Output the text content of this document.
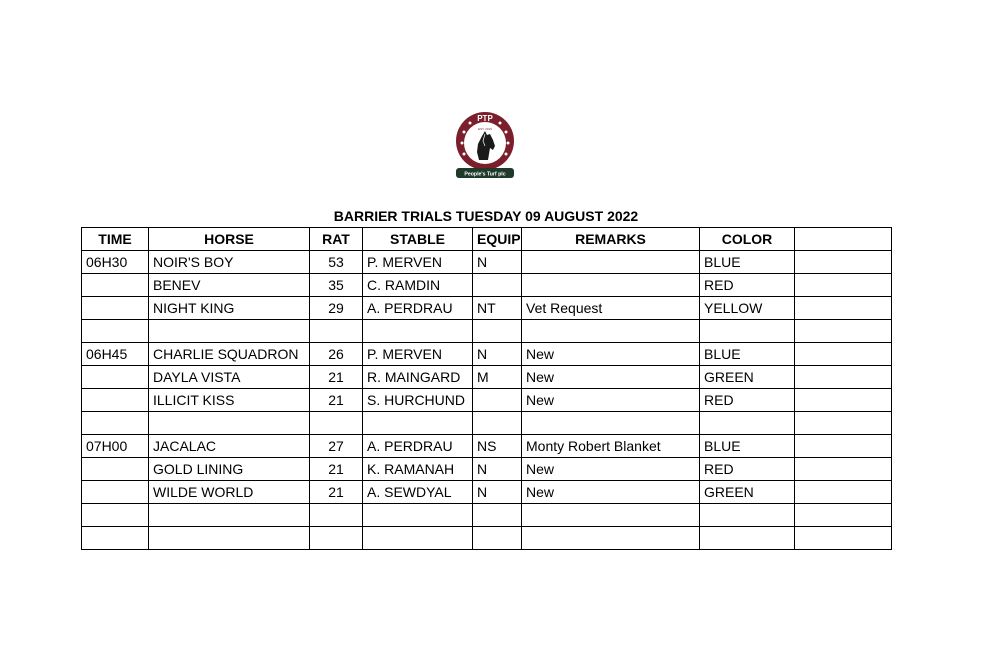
PTP
EST. 2019
People's Turf plc
BARRIER TRIALS TUESDAY 09 AUGUST 2022
TIME	HORSE	RAT	STABLE	EQUIP	REMARKS	COLOR	
06H30	NOIR'S BOY	53	P. MERVEN	N		BLUE	
	BENEV	35	C. RAMDIN			RED	
	NIGHT KING	29	A. PERDRAU	NT	Vet Request	YELLOW	

06H45	CHARLIE SQUADRON	26	P. MERVEN	N	New	BLUE	
	DAYLA VISTA	21	R. MAINGARD	M	New	GREEN	
	ILLICIT KISS	21	S. HURCHUND		New	RED	

07H00	JACALAC	27	A. PERDRAU	NS	Monty Robert Blanket	BLUE	
	GOLD LINING	21	K. RAMANAH	N	New	RED	
	WILDE WORLD	21	A. SEWDYAL	N	New	GREEN	
